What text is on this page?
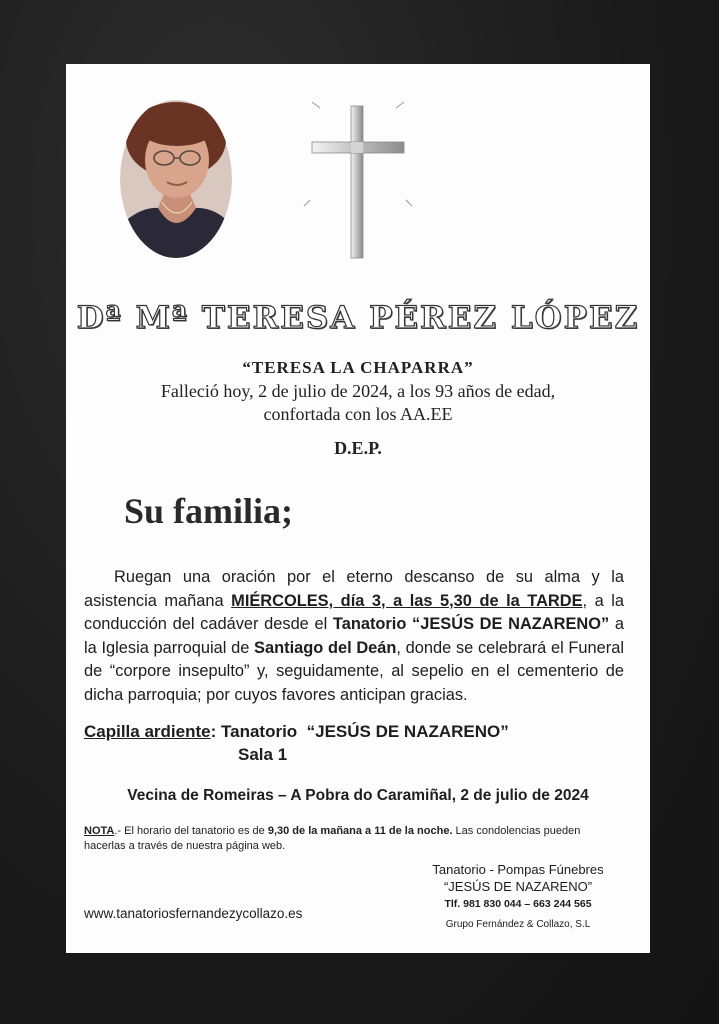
Dª Mª TERESA PÉREZ LÓPEZ
“TERESA LA CHAPARRA”
Falleció hoy, 2 de julio de 2024, a los 93 años de edad,
confortada con los AA.EE
D.E.P.
Su familia;
Ruegan una oración por el eterno descanso de su alma y la asistencia mañana MIÉRCOLES, día 3, a las 5,30 de la TARDE, a la conducción del cadáver desde el Tanatorio “JESÚS DE NAZARENO” a la Iglesia parroquial de Santiago del Deán, donde se celebrará el Funeral de “corpore insepulto” y, seguidamente, al sepelio en el cementerio de dicha parroquia; por cuyos favores anticipan gracias.
Capilla ardiente: Tanatorio  “JESÚS DE NAZARENO”
Sala 1
Vecina de Romeiras – A Pobra do Caramiñal, 2 de julio de 2024
NOTA.- El horario del tanatorio es de 9,30 de la mañana a 11 de la noche. Las condolencias pueden hacerlas a través de nuestra página web.
www.tanatoriosfernandezycollazo.es
Tanatorio - Pompas Fúnebres
“JESÚS DE NAZARENO”
Tlf. 981 830 044 – 663 244 565
Grupo Fernández & Collazo, S.L
